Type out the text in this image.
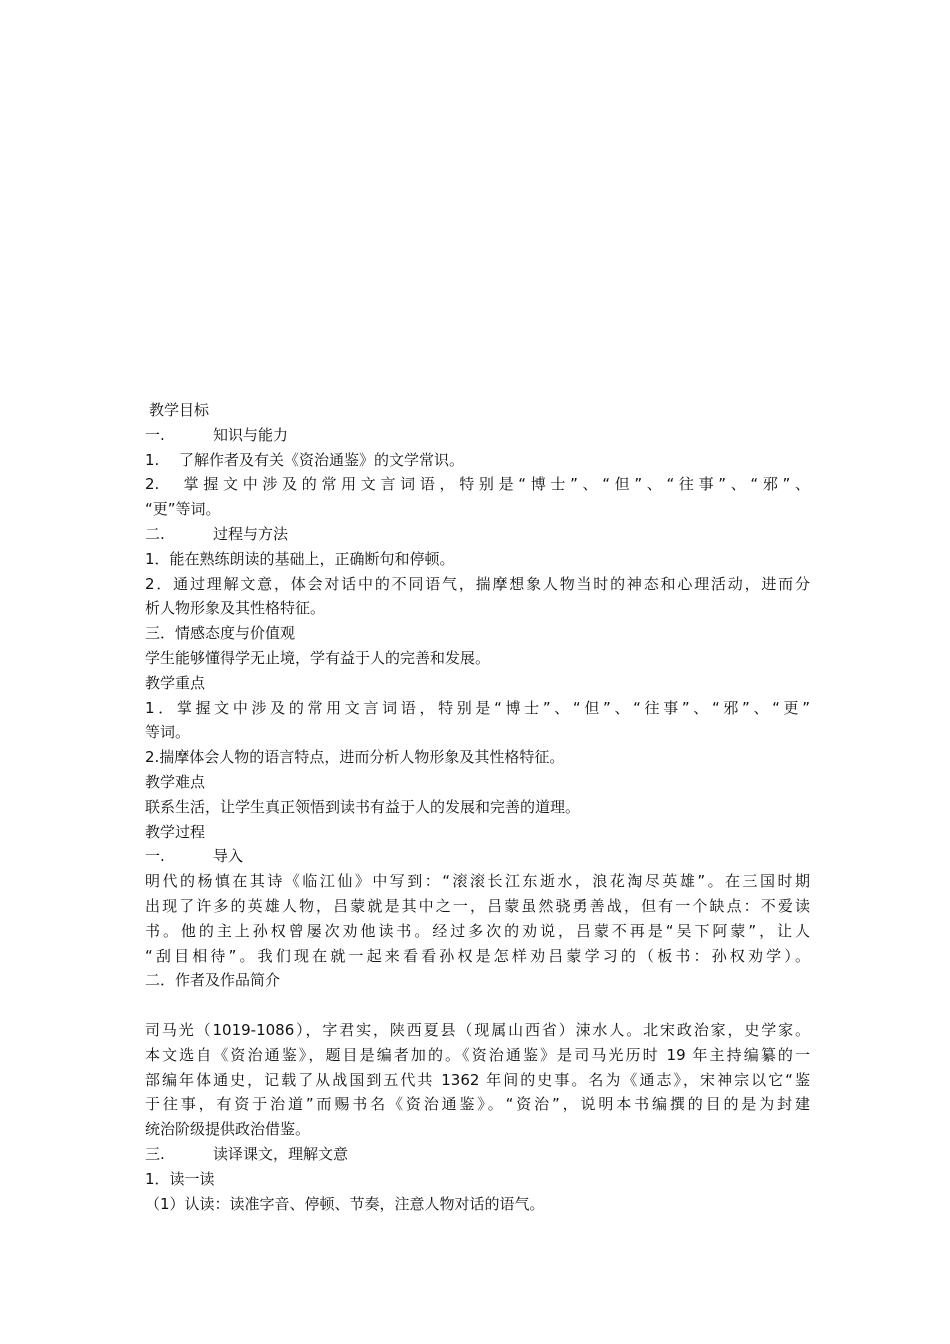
教学目标
一.	知识与能力
1. 了解作者及有关《资治通鉴》的文学常识。
2. 掌握文中涉及的常用文言词语，特别是“博士”、“但”、“往事”、“邪”、
“更”等词。
二.	过程与方法
1．能在熟练朗读的基础上，正确断句和停顿。
2．通过理解文意，体会对话中的不同语气，揣摩想象人物当时的神态和心理活动，进而分
析人物形象及其性格特征。
三．情感态度与价值观
学生能够懂得学无止境，学有益于人的完善和发展。
教学重点
1．掌握文中涉及的常用文言词语，特别是“博士”、“但”、“往事”、“邪”、“更”
等词。
2.揣摩体会人物的语言特点，进而分析人物形象及其性格特征。
教学难点
联系生活，让学生真正领悟到读书有益于人的发展和完善的道理。
教学过程
一.	导入
明代的杨慎在其诗《临江仙》中写到：“滚滚长江东逝水，浪花淘尽英雄”。在三国时期
出现了许多的英雄人物，吕蒙就是其中之一，吕蒙虽然骁勇善战，但有一个缺点：不爱读
书。他的主上孙权曾屡次劝他读书。经过多次的劝说，吕蒙不再是“吴下阿蒙”，让人
“刮目相待”。我们现在就一起来看看孙权是怎样劝吕蒙学习的（板书：孙权劝学）。
二．作者及作品简介
司马光（1019-1086），字君实，陕西夏县（现属山西省）涑水人。北宋政治家，史学家。
本文选自《资治通鉴》，题目是编者加的。《资治通鉴》是司马光历时 19 年主持编纂的一
部编年体通史，记载了从战国到五代共 1362 年间的史事。名为《通志》，宋神宗以它“鉴
于往事，有资于治道”而赐书名《资治通鉴》。“资治”，说明本书编撰的目的是为封建
统治阶级提供政治借鉴。
三.	读译课文，理解文意
1．读一读
（1）认读：读准字音、停顿、节奏，注意人物对话的语气。
